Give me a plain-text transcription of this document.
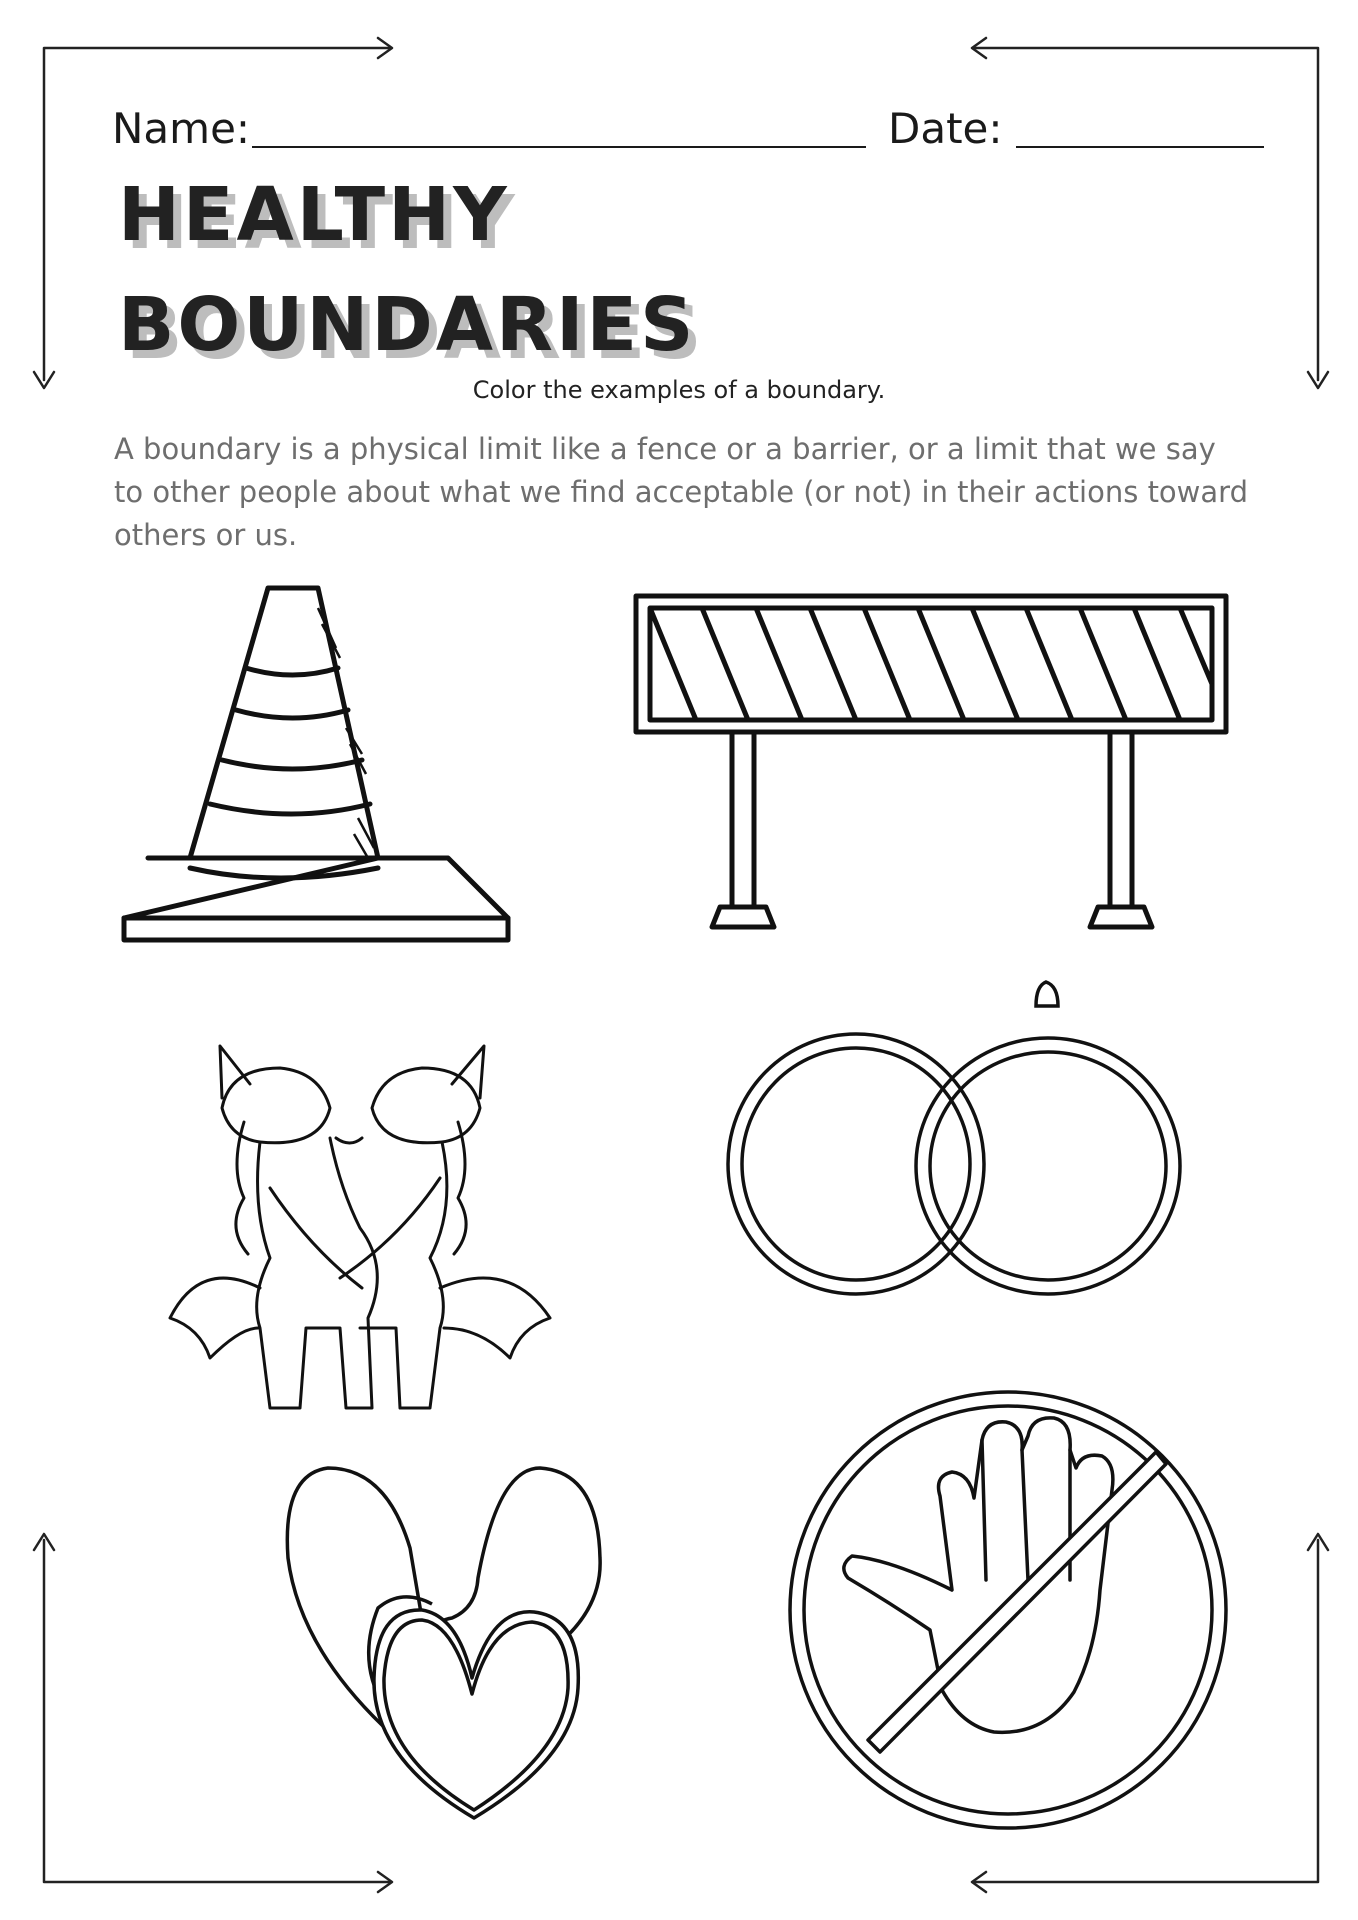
Name:	Date:
HEALTHY
BOUNDARIES
Color the examples of a boundary.
A boundary is a physical limit like a fence or a barrier, or a limit that we say to other people about what we find acceptable (or not) in their actions toward others or us.
